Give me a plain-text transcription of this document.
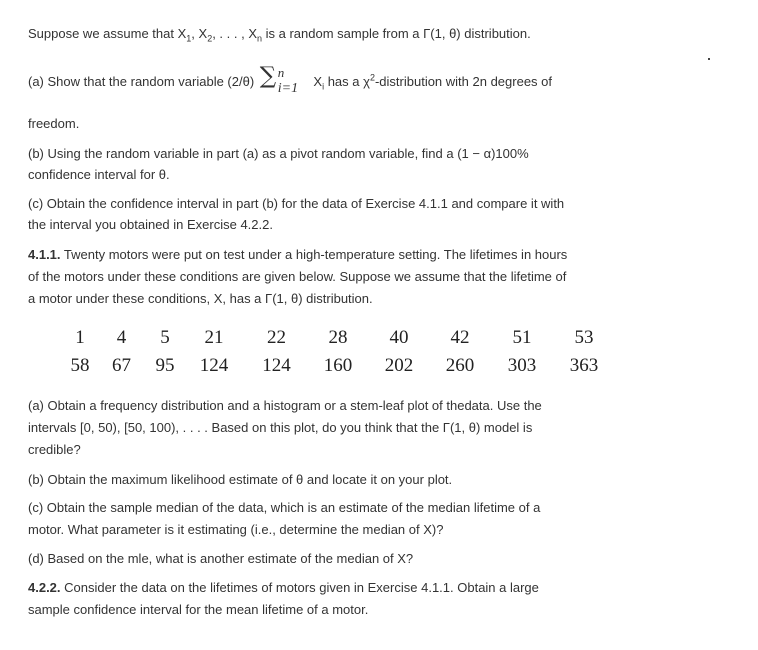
Suppose we assume that $X_1$, $X_2$, . . . , $X_n$ is a random sample from a Γ(1, θ) distribution.
(a) Show that the random variable (2/θ) ∑ n
i=1 $X_i$ has a $\chi^2$-distribution with 2n degrees of
freedom.
(b) Using the random variable in part (a) as a pivot random variable, find a (1 − α)100%
confidence interval for θ.
(c) Obtain the confidence interval in part (b) for the data of Exercise 4.1.1 and compare it with
the interval you obtained in Exercise 4.2.2.
4.1.1. Twenty motors were put on test under a high-temperature setting. The lifetimes in hours
of the motors under these conditions are given below. Suppose we assume that the lifetime of
a motor under these conditions, X, has a Γ(1, θ) distribution.
1	4	5	21	22	28	40	42	51	53
58	67	95	124	124	160	202	260	303	363
(a) Obtain a frequency distribution and a histogram or a stem-leaf plot of thedata. Use the
intervals [0, 50), [50, 100), . . . . Based on this plot, do you think that the Γ(1, θ) model is
credible?
(b) Obtain the maximum likelihood estimate of θ and locate it on your plot.
(c) Obtain the sample median of the data, which is an estimate of the median lifetime of a
motor. What parameter is it estimating (i.e., determine the median of X)?
(d) Based on the mle, what is another estimate of the median of X?
4.2.2. Consider the data on the lifetimes of motors given in Exercise 4.1.1. Obtain a large
sample confidence interval for the mean lifetime of a motor.
